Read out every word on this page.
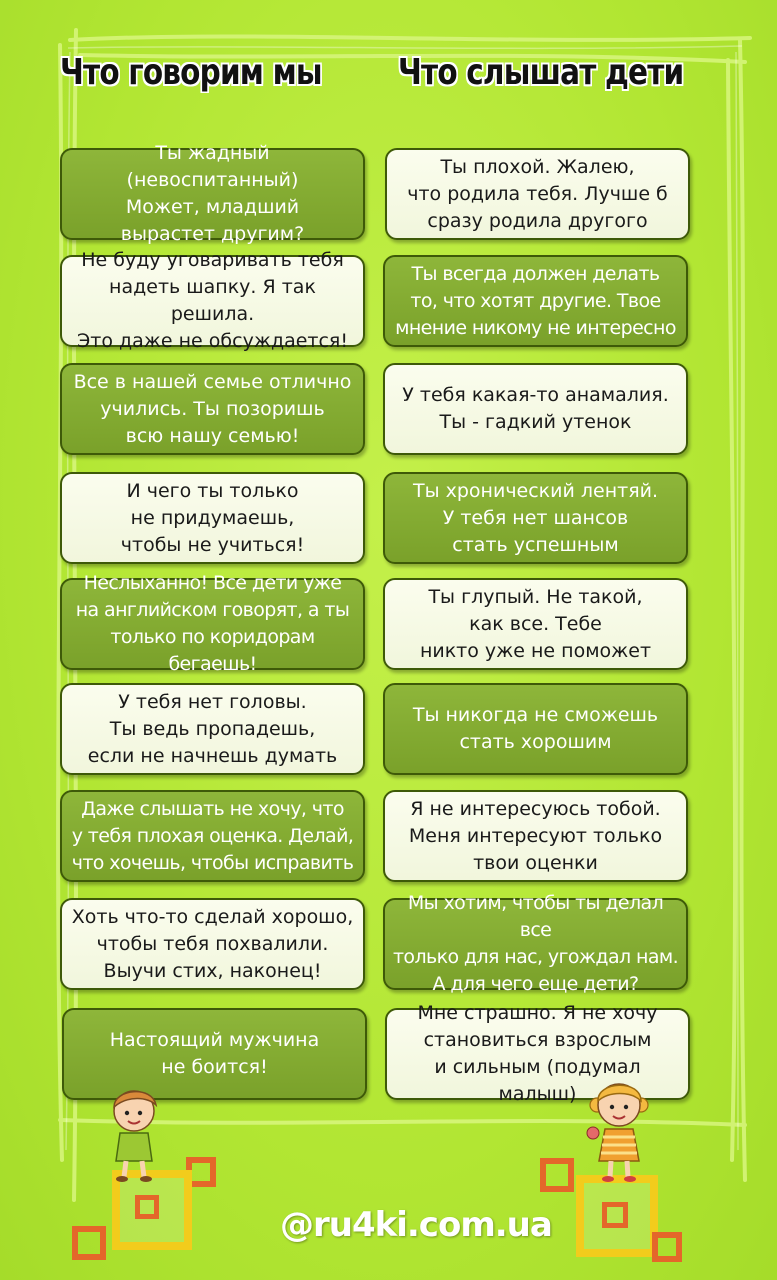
Что говорим мы Что слышат дети
Ты жадный (невоспитанный)
Может, младший
вырастет другим?
Ты плохой. Жалею,
что родила тебя. Лучше б
сразу родила другого
Не буду уговаривать тебя
надеть шапку. Я так решила.
Это даже не обсуждается!
Ты всегда должен делать
то, что хотят другие. Твое
мнение никому не интересно
Все в нашей семье отлично
учились. Ты позоришь
всю нашу семью!
У тебя какая-то анамалия.
Ты - гадкий утенок
И чего ты только
не придумаешь,
чтобы не учиться!
Ты хронический лентяй.
У тебя нет шансов
стать успешным
Неслыханно! Все дети уже
на английском говорят, а ты
только по коридорам бегаешь!
Ты глупый. Не такой,
как все. Тебе
никто уже не поможет
У тебя нет головы.
Ты ведь пропадешь,
если не начнешь думать
Ты никогда не сможешь
стать хорошим
Даже слышать не хочу, что
у тебя плохая оценка. Делай,
что хочешь, чтобы исправить
Я не интересуюсь тобой.
Меня интересуют только
твои оценки
Хоть что-то сделай хорошо,
чтобы тебя похвалили.
Выучи стих, наконец!
Мы хотим, чтобы ты делал все
только для нас, угождал нам.
А для чего еще дети?
Настоящий мужчина
не боится!
Мне страшно. Я не хочу
становиться взрослым
и сильным (подумал малыш)
@ru4ki.com.ua
